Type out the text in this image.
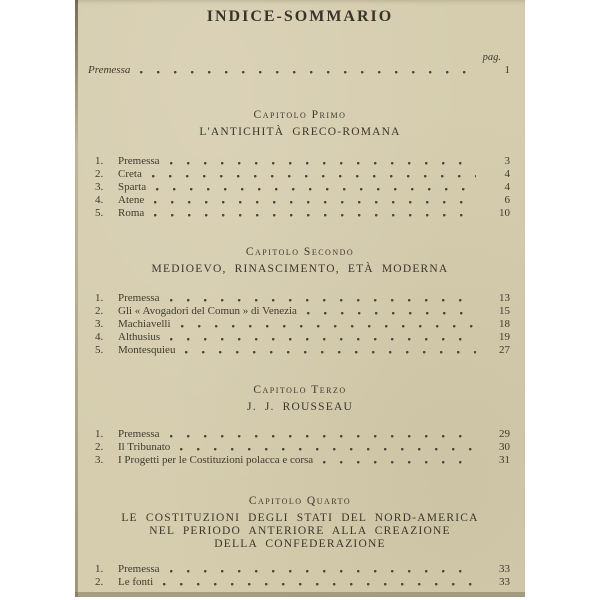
INDICE-SOMMARIO
pag.
Premessa	1
Capitolo Primo
L'ANTICHITÀ GRECO-ROMANA
1.	Premessa	3
2.	Creta	4
3.	Sparta	4
4.	Atene	6
5.	Roma	10
Capitolo Secondo
MEDIOEVO, RINASCIMENTO, ETÀ MODERNA
1.	Premessa	13
2.	Gli « Avogadori del Comun » di Venezia	15
3.	Machiavelli	18
4.	Althusius	19
5.	Montesquieu	27
Capitolo Terzo
J. J. ROUSSEAU
1.	Premessa	29
2.	Il Tribunato	30
3.	I Progetti per le Costituzioni polacca e corsa	31
Capitolo Quarto
LE COSTITUZIONI DEGLI STATI DEL NORD-AMERICA
NEL PERIODO ANTERIORE ALLA CREAZIONE
DELLA CONFEDERAZIONE
1.	Premessa	33
2.	Le fonti	33
